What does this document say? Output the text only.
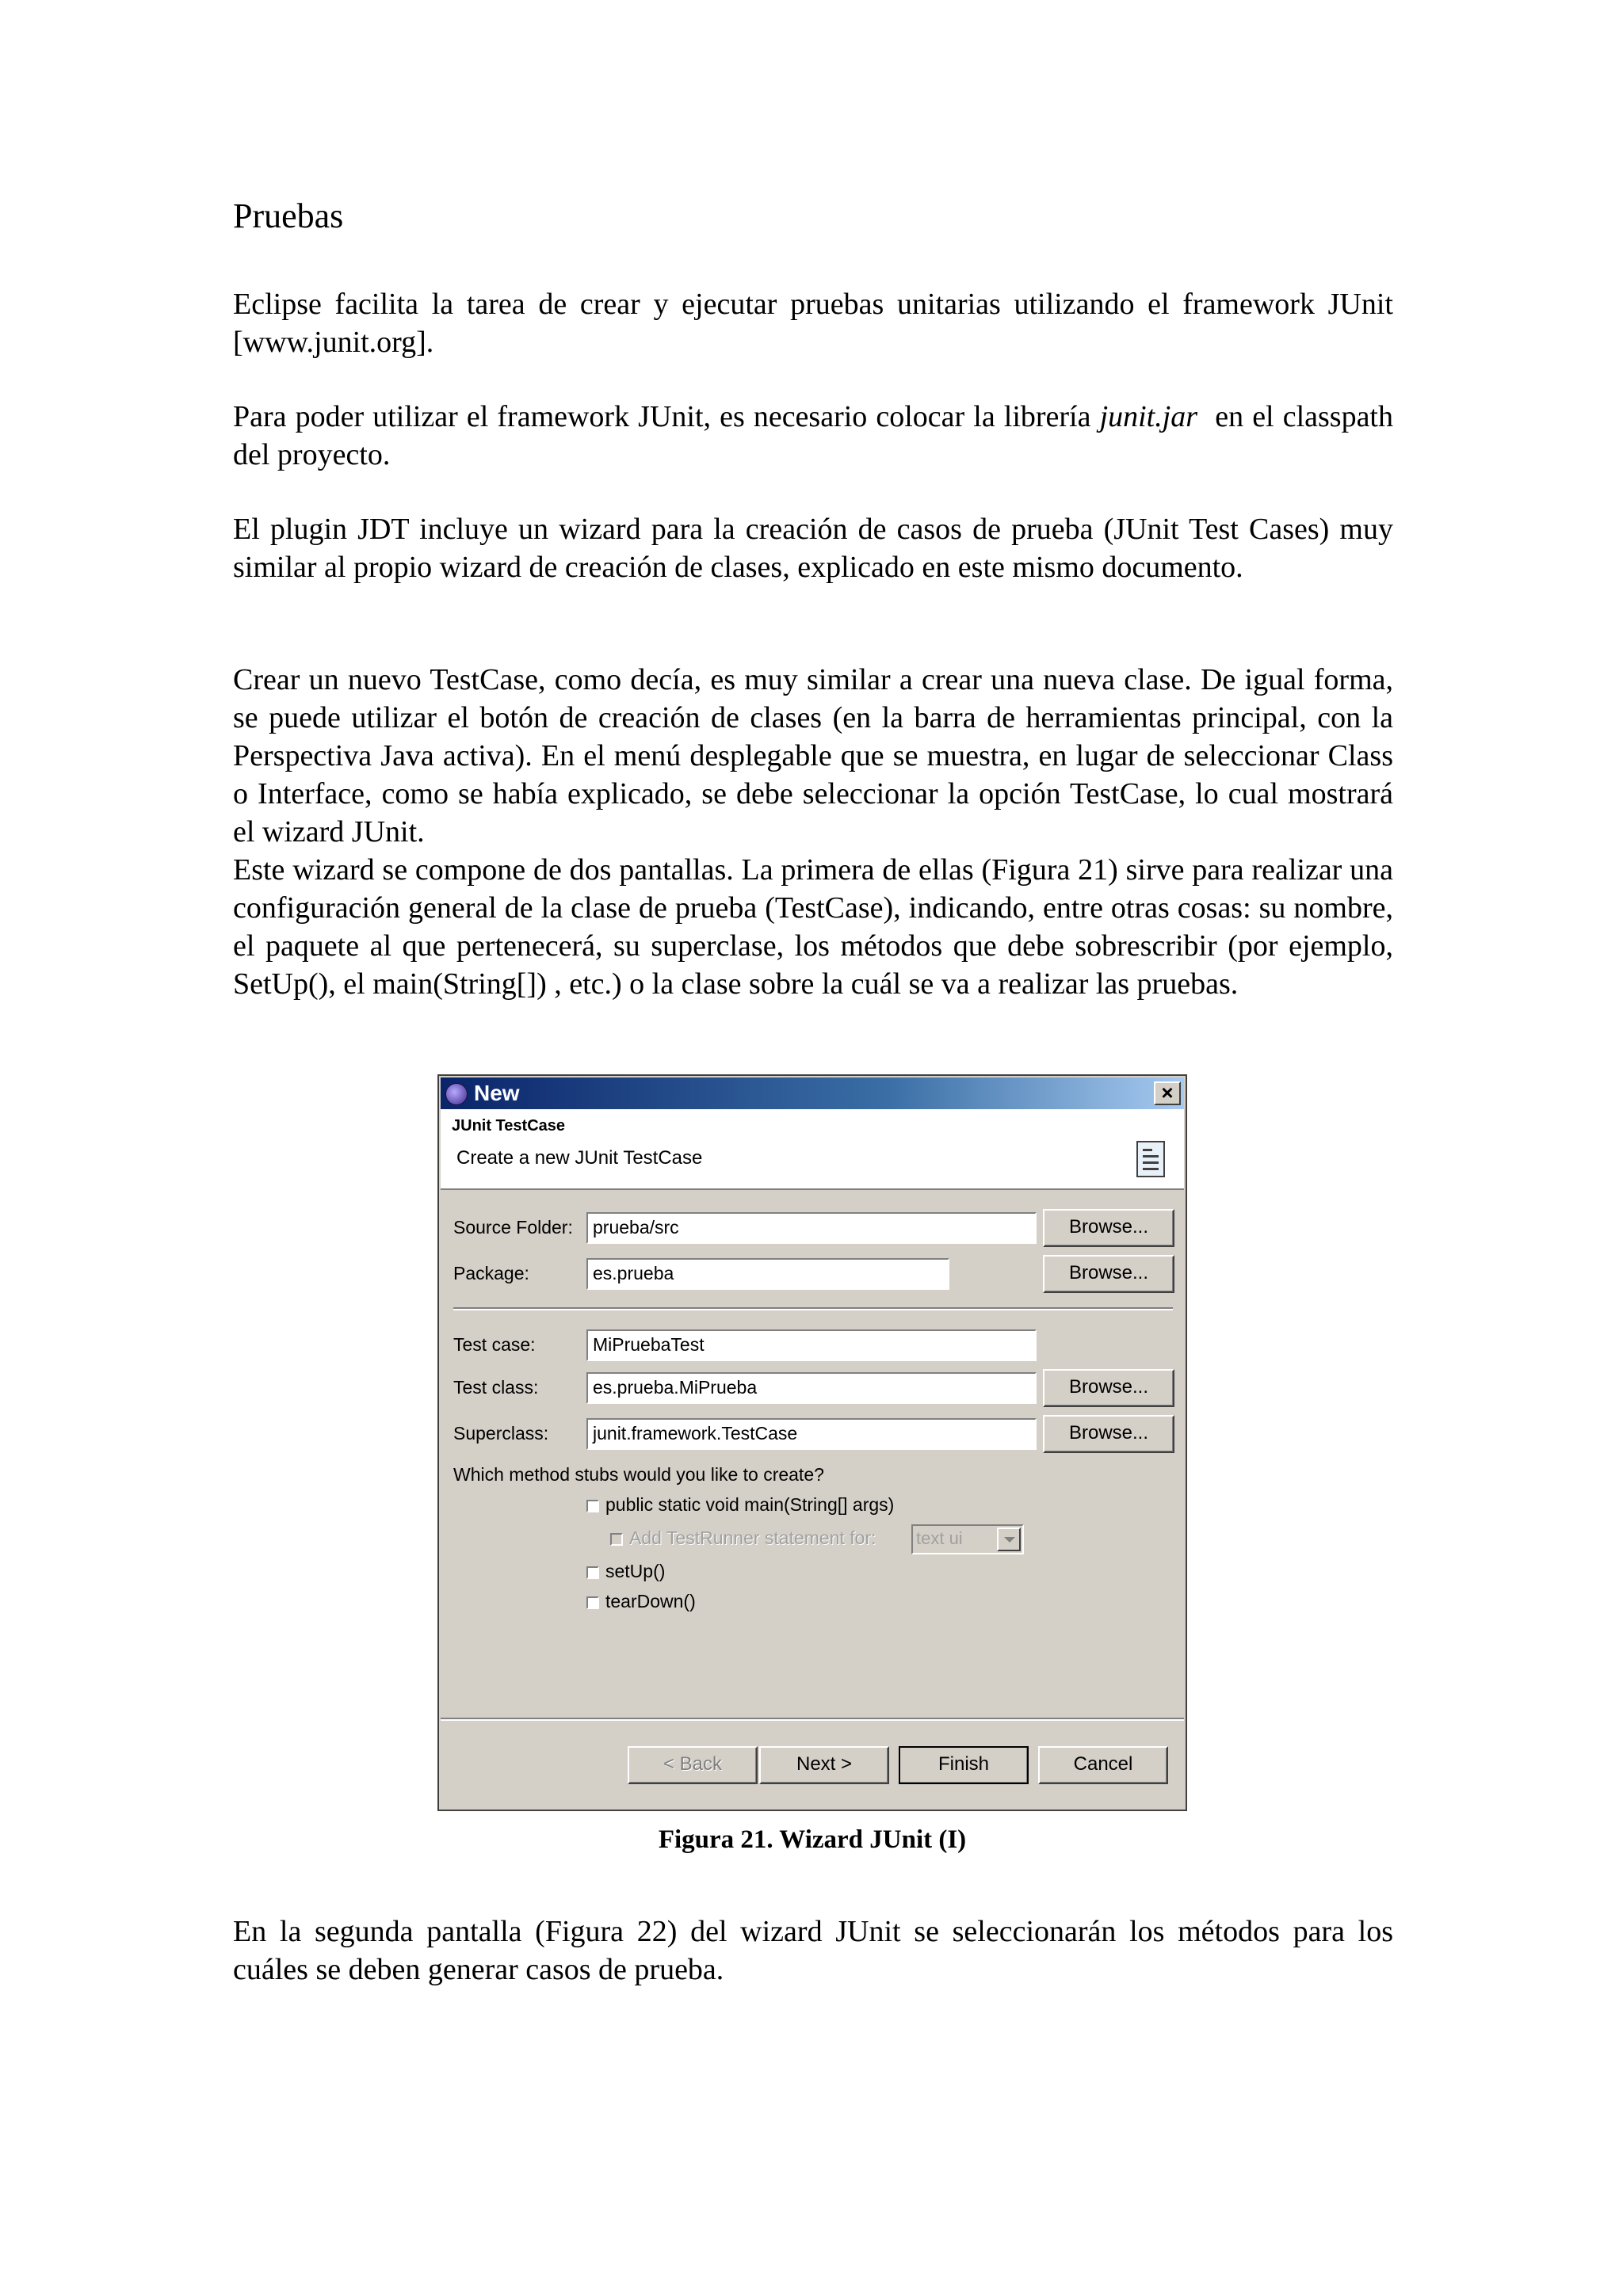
Pruebas
Eclipse facilita la tarea de crear y ejecutar pruebas unitarias utilizando el framework JUnit [www.junit.org].
Para poder utilizar el framework JUnit, es necesario colocar la librería junit.jar en el classpath del proyecto.
El plugin JDT incluye un wizard para la creación de casos de prueba (JUnit Test Cases) muy similar al propio wizard de creación de clases, explicado en este mismo documento.
Crear un nuevo TestCase, como decía, es muy similar a crear una nueva clase. De igual forma, se puede utilizar el botón de creación de clases (en la barra de herramientas principal, con la Perspectiva Java activa). En el menú desplegable que se muestra, en lugar de seleccionar Class o Interface, como se había explicado, se debe seleccionar la opción TestCase, lo cual mostrará el wizard JUnit.
Este wizard se compone de dos pantallas. La primera de ellas (Figura 21) sirve para realizar una configuración general de la clase de prueba (TestCase), indicando, entre otras cosas: su nombre, el paquete al que pertenecerá, su superclase, los métodos que debe sobrescribir (por ejemplo, SetUp(), el main(String[]) , etc.) o la clase sobre la cuál se va a realizar las pruebas.
New	×
JUnit TestCase
Create a new JUnit TestCase
Source Folder:	prueba/src	Browse...
Package:	es.prueba	Browse...
Test case:	MiPruebaTest
Test class:	es.prueba.MiPrueba	Browse...
Superclass:	junit.framework.TestCase	Browse...
Which method stubs would you like to create?
public static void main(String[] args)
Add TestRunner statement for: text ui
setUp()
tearDown()
< Back	Next >	Finish	Cancel
Figura 21. Wizard JUnit (I)
En la segunda pantalla (Figura 22) del wizard JUnit se seleccionarán los métodos para los cuáles se deben generar casos de prueba.
